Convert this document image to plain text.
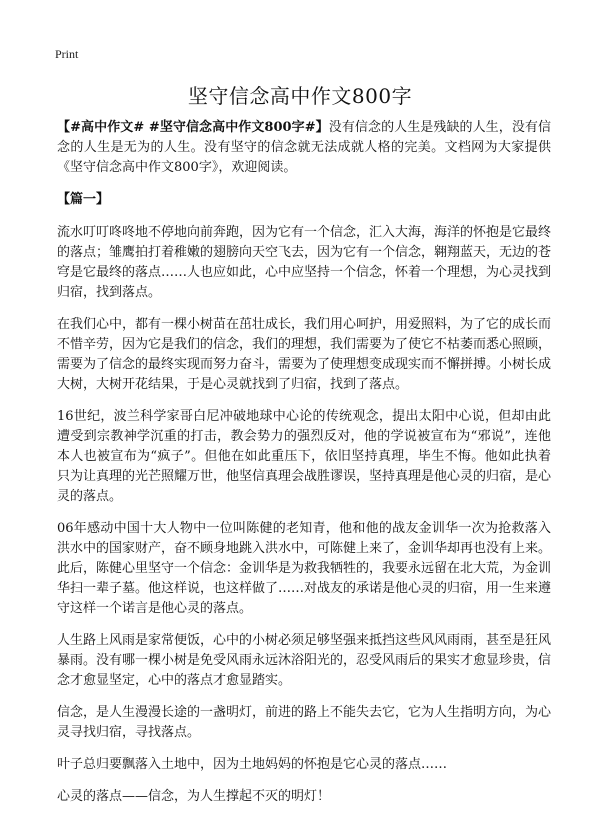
Print
坚守信念高中作文800字

【#高中作文# #坚守信念高中作文800字#】没有信念的人生是残缺的人生，没有信念的人生是无为的人生。没有坚守的信念就无法成就人格的完美。文档网为大家提供《坚守信念高中作文800字》，欢迎阅读。

【篇一】

流水叮叮咚咚地不停地向前奔跑，因为它有一个信念，汇入大海，海洋的怀抱是它最终的落点；雏鹰拍打着稚嫩的翅膀向天空飞去，因为它有一个信念，翱翔蓝天，无边的苍穹是它最终的落点……人也应如此，心中应坚持一个信念，怀着一个理想，为心灵找到归宿，找到落点。

在我们心中，都有一棵小树苗在茁壮成长，我们用心呵护，用爱照料，为了它的成长而不惜辛劳，因为它是我们的信念，我们的理想，我们需要为了使它不枯萎而悉心照顾，需要为了信念的最终实现而努力奋斗，需要为了使理想变成现实而不懈拼搏。小树长成大树，大树开花结果，于是心灵就找到了归宿，找到了落点。

16世纪，波兰科学家哥白尼冲破地球中心论的传统观念，提出太阳中心说，但却由此遭受到宗教神学沉重的打击，教会势力的强烈反对，他的学说被宣布为“邪说”，连他本人也被宣布为“疯子”。但他在如此重压下，依旧坚持真理，毕生不悔。他如此执着只为让真理的光芒照耀万世，他坚信真理会战胜谬误，坚持真理是他心灵的归宿，是心灵的落点。

06年感动中国十大人物中一位叫陈健的老知青，他和他的战友金训华一次为抢救落入洪水中的国家财产，奋不顾身地跳入洪水中，可陈健上来了，金训华却再也没有上来。此后，陈健心里坚守一个信念：金训华是为救我牺牲的，我要永远留在北大荒，为金训华扫一辈子墓。他这样说，也这样做了……对战友的承诺是他心灵的归宿，用一生来遵守这样一个诺言是他心灵的落点。

人生路上风雨是家常便饭，心中的小树必须足够坚强来抵挡这些风风雨雨，甚至是狂风暴雨。没有哪一棵小树是免受风雨永远沐浴阳光的，忍受风雨后的果实才愈显珍贵，信念才愈显坚定，心中的落点才愈显踏实。

信念，是人生漫漫长途的一盏明灯，前进的路上不能失去它，它为人生指明方向，为心灵寻找归宿，寻找落点。

叶子总归要飘落入土地中，因为土地妈妈的怀抱是它心灵的落点……

心灵的落点——信念，为人生撑起不灭的明灯！
